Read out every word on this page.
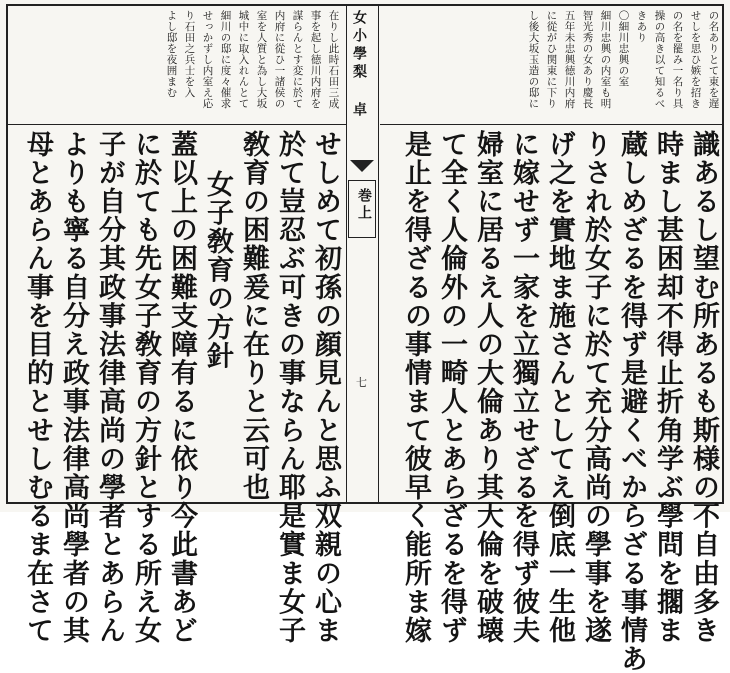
巻上
七
女小學梨 卓	の名ありとて東を遅
せしを思ひ嫉を招き
の名を罷み一名り具
操の高き以て知るべ
きあり
〇細川忠興の室
細川忠興の内室も明
智光秀の女あり慶長
五年未忠興徳川内府
に從がひ関東に下り
し後大坂玉造の邸に
在りし此時石田三成
事を起し徳川内府を
謀らんとす変に於て
内府に從ひ一諸侯の
室を人質と為し大坂
城中に取入れんとて
細川の邸に度々催求
せっかずし内室え応
り石田之兵士を入
よし邸を夜囲まむ
識あるし望む所あるも斯様の不自由多き
時まし甚困却不得止折角学ぶ學問を擱ま
蔵しめざるを得ず是避くべからざる事情あ
りされ於女子に於て充分高尚の學事を遂
げ之を實地ま施さんとしてえ倒底一生他
に嫁せず一家を立獨立せざるを得ず彼夫
婦室に居るえ人の大倫あり其大倫を破壊
て全く人倫外の一畸人とあらざるを得ず
是止を得ざるの事情まて彼早く能所ま嫁
せしめて初孫の顔見んと思ふ双親の心ま
於て豈忍ぶ可きの事ならん耶是實ま女子
敎育の困難爰に在りと云可也
女子敎育の方針
蓋以上の困難支障有るに依り今此書あど
に於ても先女子敎育の方針とする所え女
子が自分其政事法律高尚の學者とあらん
よりも寧る自分え政事法律高尚學者の其
母とあらん事を目的とせしむるま在さて
